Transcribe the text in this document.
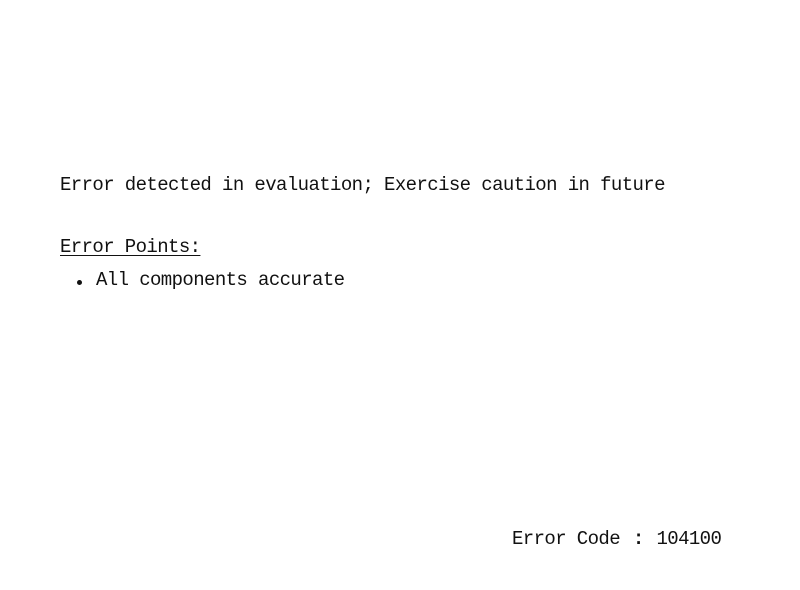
Error detected in evaluation; Exercise caution in future

Error Points:
All components accurate
Error Code : 104100
